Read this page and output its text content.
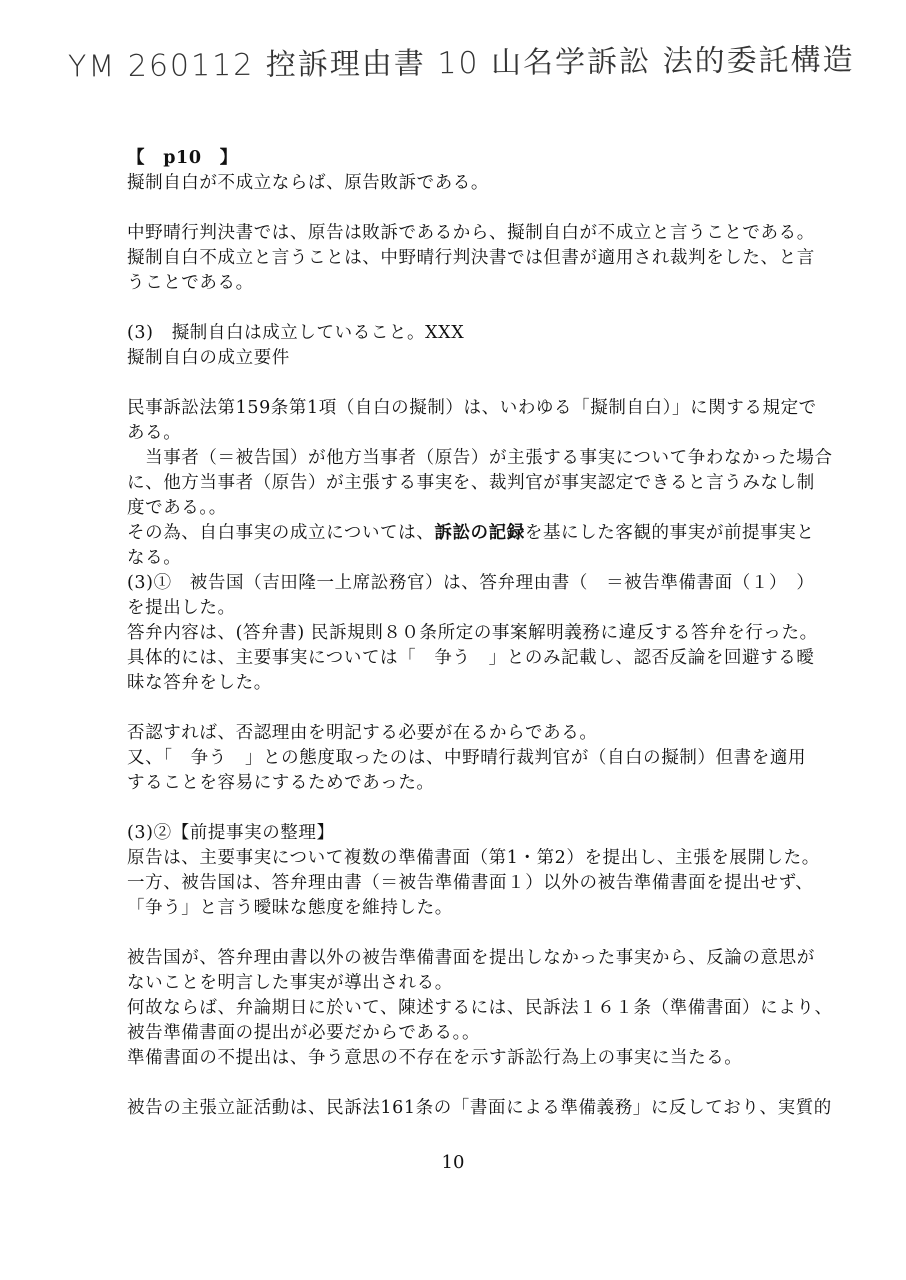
YM 260112 控訴理由書 10 山名学訴訟 法的委託構造
【　p10　】
擬制自白が不成立ならば、原告敗訴である。
中野晴行判決書では、原告は敗訴であるから、擬制自白が不成立と言うことである。
擬制自白不成立と言うことは、中野晴行判決書では但書が適用され裁判をした、と言
うことである。
(3)　擬制自白は成立していること。XXX
擬制自白の成立要件
民事訴訟法第159条第1項（自白の擬制）は、いわゆる「擬制自白）」に関する規定で
ある。
　当事者（＝被告国）が他方当事者（原告）が主張する事実について争わなかった場合
に、他方当事者（原告）が主張する事実を、裁判官が事実認定できると言うみなし制
度である。。
その為、自白事実の成立については、訴訟の記録を基にした客観的事実が前提事実と
なる。
(3)①　被告国（吉田隆一上席訟務官）は、答弁理由書（　＝被告準備書面（１）　）
を提出した。
答弁内容は、(答弁書) 民訴規則８０条所定の事案解明義務に違反する答弁を行った。
具体的には、主要事実については「　争う　」とのみ記載し、認否反論を回避する曖
昧な答弁をした。
否認すれば、否認理由を明記する必要が在るからである。
又、「　争う　」との態度取ったのは、中野晴行裁判官が（自白の擬制）但書を適用
することを容易にするためであった。
(3)②【前提事実の整理】
原告は、主要事実について複数の準備書面（第1・第2）を提出し、主張を展開した。
一方、被告国は、答弁理由書（＝被告準備書面１）以外の被告準備書面を提出せず、
「争う」と言う曖昧な態度を維持した。
被告国が、答弁理由書以外の被告準備書面を提出しなかった事実から、反論の意思が
ないことを明言した事実が導出される。
何故ならば、弁論期日に於いて、陳述するには、民訴法１６１条（準備書面）により、
被告準備書面の提出が必要だからである。。
準備書面の不提出は、争う意思の不存在を示す訴訟行為上の事実に当たる。
被告の主張立証活動は、民訴法161条の「書面による準備義務」に反しており、実質的
10
